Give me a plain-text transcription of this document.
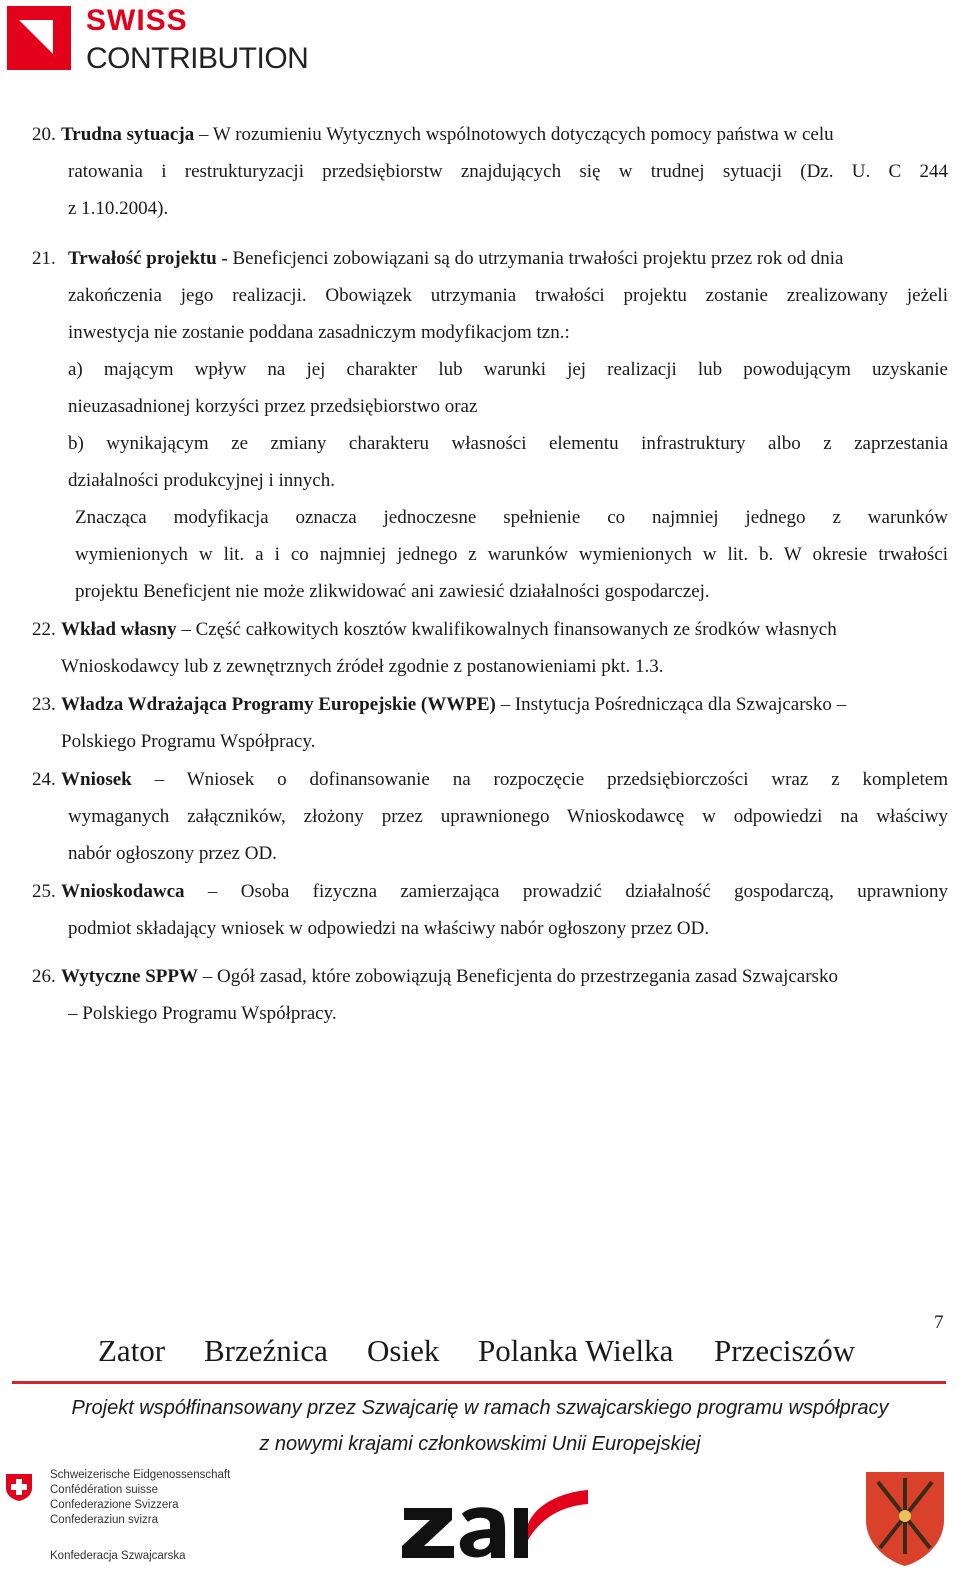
SWISS
CONTRIBUTION
20. Trudna sytuacja – W rozumieniu Wytycznych wspólnotowych dotyczących pomocy państwa w celu
ratowania i restrukturyzacji przedsiębiorstw znajdujących się w trudnej sytuacji (Dz. U. C 244
z 1.10.2004).
21. Trwałość projektu - Beneficjenci zobowiązani są do utrzymania trwałości projektu przez rok od dnia
zakończenia jego realizacji. Obowiązek utrzymania trwałości projektu zostanie zrealizowany jeżeli
inwestycja nie zostanie poddana zasadniczym modyfikacjom tzn.:
a) mającym wpływ na jej charakter lub warunki jej realizacji lub powodującym uzyskanie
nieuzasadnionej korzyści przez przedsiębiorstwo oraz
b) wynikającym ze zmiany charakteru własności elementu infrastruktury albo z zaprzestania
działalności produkcyjnej i innych.
Znacząca modyfikacja oznacza jednoczesne spełnienie co najmniej jednego z warunków
wymienionych w lit. a i co najmniej jednego z warunków wymienionych w lit. b. W okresie trwałości
projektu Beneficjent nie może zlikwidować ani zawiesić działalności gospodarczej.
22. Wkład własny – Część całkowitych kosztów kwalifikowalnych finansowanych ze środków własnych
Wnioskodawcy lub z zewnętrznych źródeł zgodnie z postanowieniami pkt. 1.3.
23. Władza Wdrażająca Programy Europejskie (WWPE) – Instytucja Pośrednicząca dla Szwajcarsko –
Polskiego Programu Współpracy.
24. Wniosek – Wniosek o dofinansowanie na rozpoczęcie przedsiębiorczości wraz z kompletem
wymaganych załączników, złożony przez uprawnionego Wnioskodawcę w odpowiedzi na właściwy
nabór ogłoszony przez OD.
25. Wnioskodawca – Osoba fizyczna zamierzająca prowadzić działalność gospodarczą, uprawniony
podmiot składający wniosek w odpowiedzi na właściwy nabór ogłoszony przez OD.
26. Wytyczne SPPW – Ogół zasad, które zobowiązują Beneficjenta do przestrzegania zasad Szwajcarsko
– Polskiego Programu Współpracy.
7
Zator Brzeźnica Osiek Polanka Wielka Przeciszów
Projekt współfinansowany przez Szwajcarię w ramach szwajcarskiego programu współpracy
z nowymi krajami członkowskimi Unii Europejskiej
Schweizerische Eidgenossenschaft
Confédération suisse
Confederazione Svizzera
Confederaziun svizra
Konfederacja Szwajcarska
